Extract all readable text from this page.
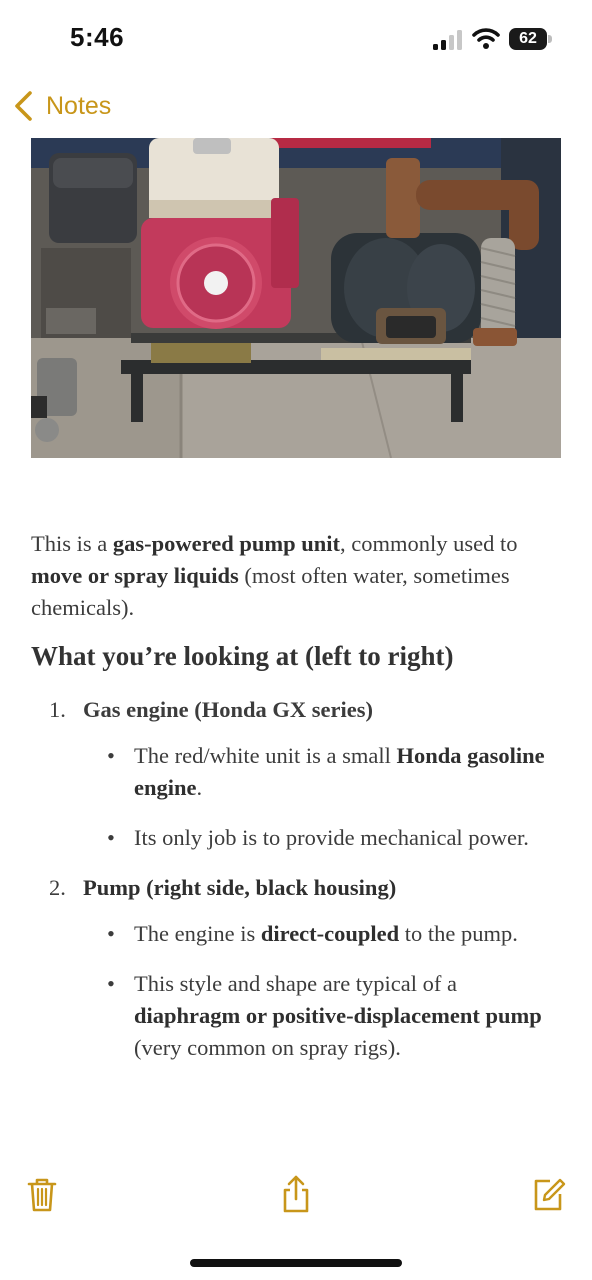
5:46	62
Notes

This is a gas-powered pump unit, commonly used to move or spray liquids (most often water, sometimes chemicals).

What you’re looking at (left to right)
1. Gas engine (Honda GX series)
• The red/white unit is a small Honda gasoline engine.
• Its only job is to provide mechanical power.
2. Pump (right side, black housing)
• The engine is direct-coupled to the pump.
• This style and shape are typical of a diaphragm or positive-displacement pump (very common on spray rigs).
